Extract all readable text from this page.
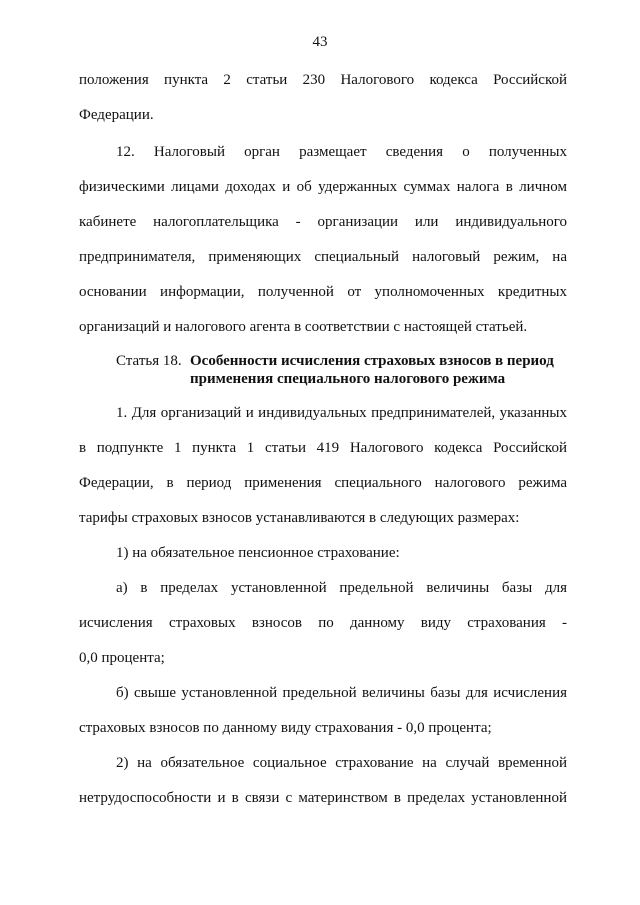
43
положения пункта 2 статьи 230 Налогового кодекса Российской
Федерации.
12. Налоговый орган размещает сведения о полученных
физическими лицами доходах и об удержанных суммах налога в личном
кабинете налогоплательщика - организации или индивидуального
предпринимателя, применяющих специальный налоговый режим, на
основании информации, полученной от уполномоченных кредитных
организаций и налогового агента в соответствии с настоящей статьей.
Статья 18. Особенности исчисления страховых взносов в период
применения специального налогового режима
1. Для организаций и индивидуальных предпринимателей, указанных
в подпункте 1 пункта 1 статьи 419 Налогового кодекса Российской
Федерации, в период применения специального налогового режима
тарифы страховых взносов устанавливаются в следующих размерах:
1) на обязательное пенсионное страхование:
а) в пределах установленной предельной величины базы для
исчисления страховых взносов по данному виду страхования -
0,0 процента;
б) свыше установленной предельной величины базы для исчисления
страховых взносов по данному виду страхования - 0,0 процента;
2) на обязательное социальное страхование на случай временной
нетрудоспособности и в связи с материнством в пределах установленной
